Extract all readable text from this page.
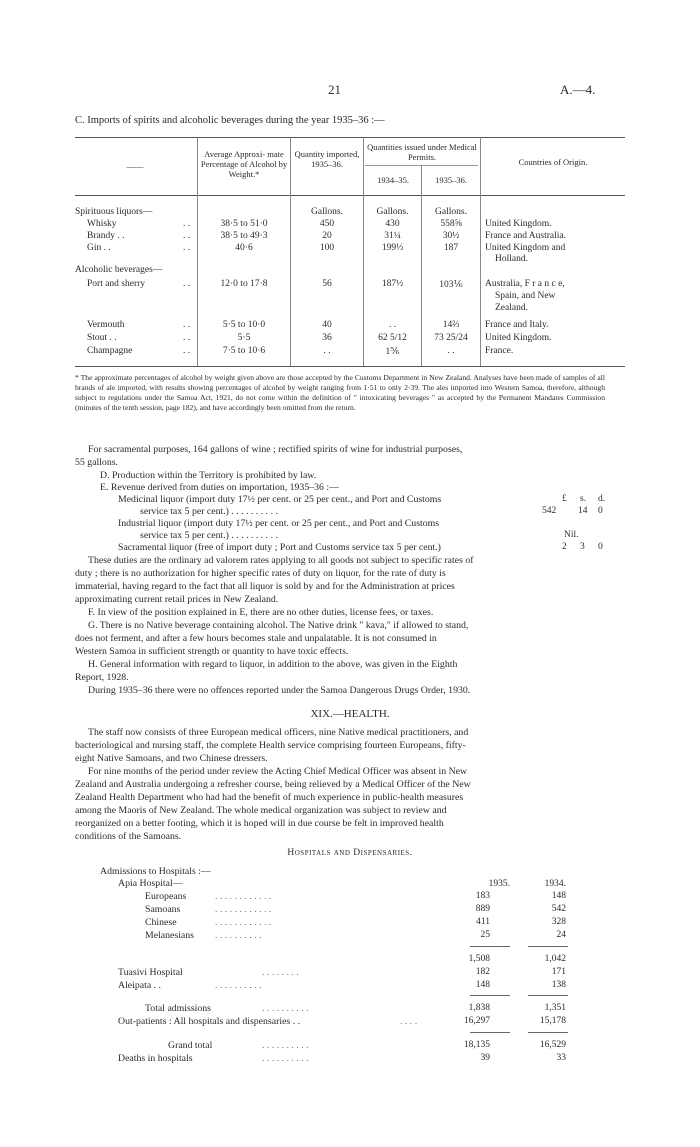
21	A.—4.
C. Imports of spirits and alcoholic beverages during the year 1935–36 :—
——
Average Approxi- mate Percentage of Alcohol by Weight.*
Quantity imported, 1935–36.
Quantities issued under Medical Permits.
1934–35.	1935–36.
Countries of Origin.
Gallons.	Gallons.	Gallons.
Spirituous liquors—
Alcoholic beverages—
Whisky	. .	38·5 to 51·0	450	430	558⅝	United Kingdom.
Brandy . .	. .	38·5 to 49·3	20	31¼	30½	France and Australia.
Gin . .	. .	40·6	100	199⅓	187	United Kingdom and
Holland.
Port and sherry	. .	12·0 to 17·8	56	187½	103⅙	Australia, F r a n c e,
Spain, and New
Zealand.
Vermouth	. .	5·5 to 10·0	40	. .	14⅔	France and Italy.
Stout . .	. .	5·5	36	62 5/12	73 25/24	United Kingdom.
Champagne	. .	7·5 to 10·6	. .	1⅚	. .	France.
* The approximate percentages of alcohol by weight given above are those accepted by the Customs Department in New Zealand. Analyses have been made of samples of all brands of ale imported, with results showing percentages of alcohol by weight ranging from 1·51 to only 2·39. The ales imported into Western Samoa, therefore, although subject to regulations under the Samoa Act, 1921, do not come within the definition of " intoxicating beverages " as accepted by the Permanent Mandates Commission (minutes of the tenth session, page 182), and have accordingly been omitted from the return.
For sacramental purposes, 164 gallons of wine ; rectified spirits of wine for industrial purposes,
55 gallons.
D. Production within the Territory is prohibited by law.
E. Revenue derived from duties on importation, 1935–36 :—
£ s. d.
Medicinal liquor (import duty 17½ per cent. or 25 per cent., and Port and Customs
service tax 5 per cent.) . . . . . . . . . .	542 14 0
Industrial liquor (import duty 17½ per cent. or 25 per cent., and Port and Customs
service tax 5 per cent.) . . . . . . . . . .	Nil.
Sacramental liquor (free of import duty ; Port and Customs service tax 5 per cent.)	2 3 0
These duties are the ordinary ad valorem rates applying to all goods not subject to specific rates of
duty ; there is no authorization for higher specific rates of duty on liquor, for the rate of duty is
immaterial, having regard to the fact that all liquor is sold by and for the Administration at prices
approximating current retail prices in New Zealand.
F. In view of the position explained in E, there are no other duties, license fees, or taxes.
G. There is no Native beverage containing alcohol. The Native drink " kava," if allowed to stand,
does not ferment, and after a few hours becomes stale and unpalatable. It is not consumed in
Western Samoa in sufficient strength or quantity to have toxic effects.
H. General information with regard to liquor, in addition to the above, was given in the Eighth
Report, 1928.
During 1935–36 there were no offences reported under the Samoa Dangerous Drugs Order, 1930.
XIX.—HEALTH.
The staff now consists of three European medical officers, nine Native medical practitioners, and
bacteriological and nursing staff, the complete Health service comprising fourteen Europeans, fifty-
eight Native Samoans, and two Chinese dressers.
For nine months of the period under review the Acting Chief Medical Officer was absent in New
Zealand and Australia undergoing a refresher course, being relieved by a Medical Officer of the New
Zealand Health Department who had had the benefit of much experience in public-health measures
among the Maoris of New Zealand. The whole medical organization was subject to review and
reorganized on a better footing, which it is hoped will in due course be felt in improved health
conditions of the Samoans.
Hospitals and Dispensaries.
Admissions to Hospitals :—
Apia Hospital—	1935.	1934.
Europeans	. . . . . . . . . . . .	183	148
Samoans	. . . . . . . . . . . .	889	542
Chinese	. . . . . . . . . . . .	411	328
Melanesians . . . . . . . . . .	25	24
1,508	1,042
Tuasivi Hospital	. . . . . . . .	182	171
Aleipata . .	. . . . . . . . . .	148	138
Total admissions	. . . . . . . . . .	1,838	1,351
Out-patients : All hospitals and dispensaries . .	. . . .	16,297	15,178
Grand total	. . . . . . . . . .	18,135	16,529
Deaths in hospitals	. . . . . . . . . .	39	33
